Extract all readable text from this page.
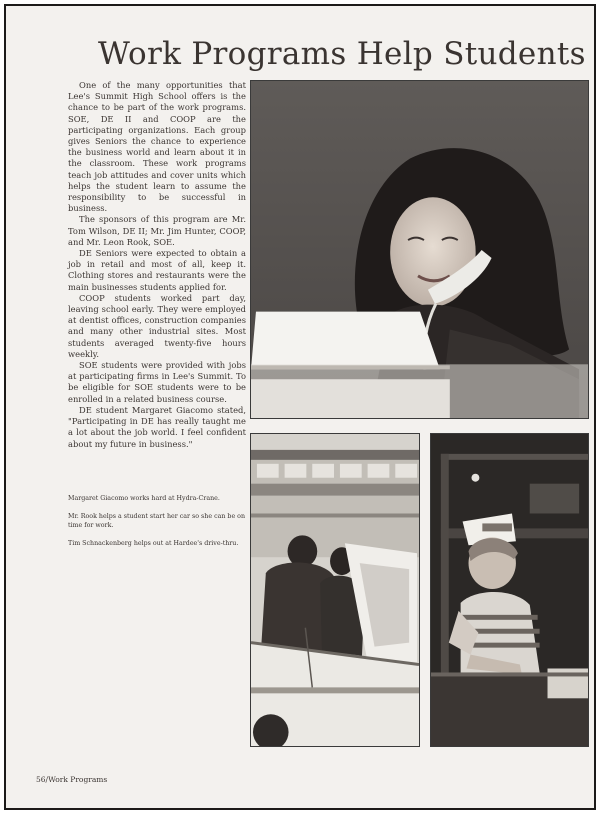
Work Programs Help Students

One of the many opportunities that Lee's Summit High School offers is the chance to be part of the work programs. SOE, DE II and COOP are the participating organizations. Each group gives Seniors the chance to experience the business world and learn about it in the classroom. These work programs teach job attitudes and cover units which helps the student learn to assume the responsibility to be successful in business.

The sponsors of this program are Mr. Tom Wilson, DE II; Mr. Jim Hunter, COOP, and Mr. Leon Rook, SOE.

DE Seniors were expected to obtain a job in retail and most of all, keep it. Clothing stores and restaurants were the main businesses students applied for.

COOP students worked part day, leaving school early. They were employed at dentist offices, construction companies and many other industrial sites. Most students averaged twenty-five hours weekly.

SOE students were provided with jobs at participating firms in Lee's Summit. To be eligible for SOE students were to be enrolled in a related business course.

DE student Margaret Giacomo stated, "Participating in DE has really taught me a lot about the job world. I feel confident about my future in business."

Margaret Giacomo works hard at Hydra-Crane.

Mr. Rook helps a student start her car so she can be on time for work.

Tim Schnackenberg helps out at Hardee's drive-thru.

56/Work Programs
